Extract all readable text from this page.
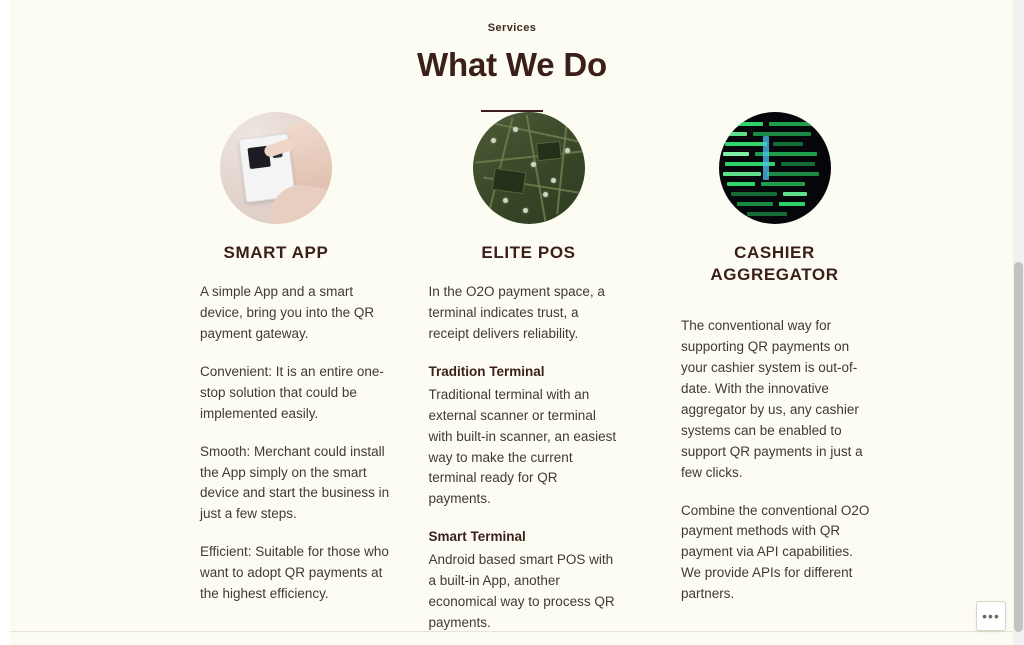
Services
What We Do
SMART APP

A simple App and a smart device, bring you into the QR payment gateway.

Convenient: It is an entire one-stop solution that could be implemented easily.

Smooth: Merchant could install the App simply on the smart device and start the business in just a few steps.

Efficient: Suitable for those who want to adopt QR payments at the highest efficiency.

ELITE POS

In the O2O payment space, a terminal indicates trust, a receipt delivers reliability.

Tradition Terminal
Traditional terminal with an external scanner or terminal with built-in scanner, an easiest way to make the current terminal ready for QR payments.

Smart Terminal
Android based smart POS with a built-in App, another economical way to process QR payments.

CASHIER AGGREGATOR

The conventional way for supporting QR payments on your cashier system is out-of-date. With the innovative aggregator by us, any cashier systems can be enabled to support QR payments in just a few clicks.

Combine the conventional O2O payment methods with QR payment via API capabilities. We provide APIs for different partners.

•••
